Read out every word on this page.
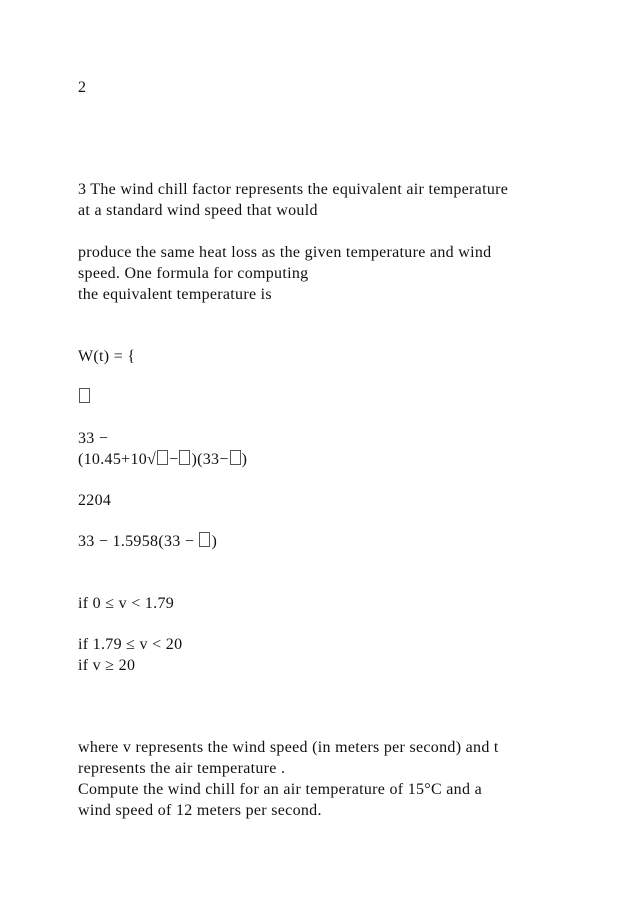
2
3 The wind chill factor represents the equivalent air temperature
at a standard wind speed that would
produce the same heat loss as the given temperature and wind
speed. One formula for computing
the equivalent temperature is
W(t) = {
33 −
(10.45+10√ − )(33− )
2204
33 − 1.5958(33 − )
if 0 ≤ v < 1.79
if 1.79 ≤ v < 20
if v ≥ 20
where v represents the wind speed (in meters per second) and t
represents the air temperature .
Compute the wind chill for an air temperature of 15°C and a
wind speed of 12 meters per second.
